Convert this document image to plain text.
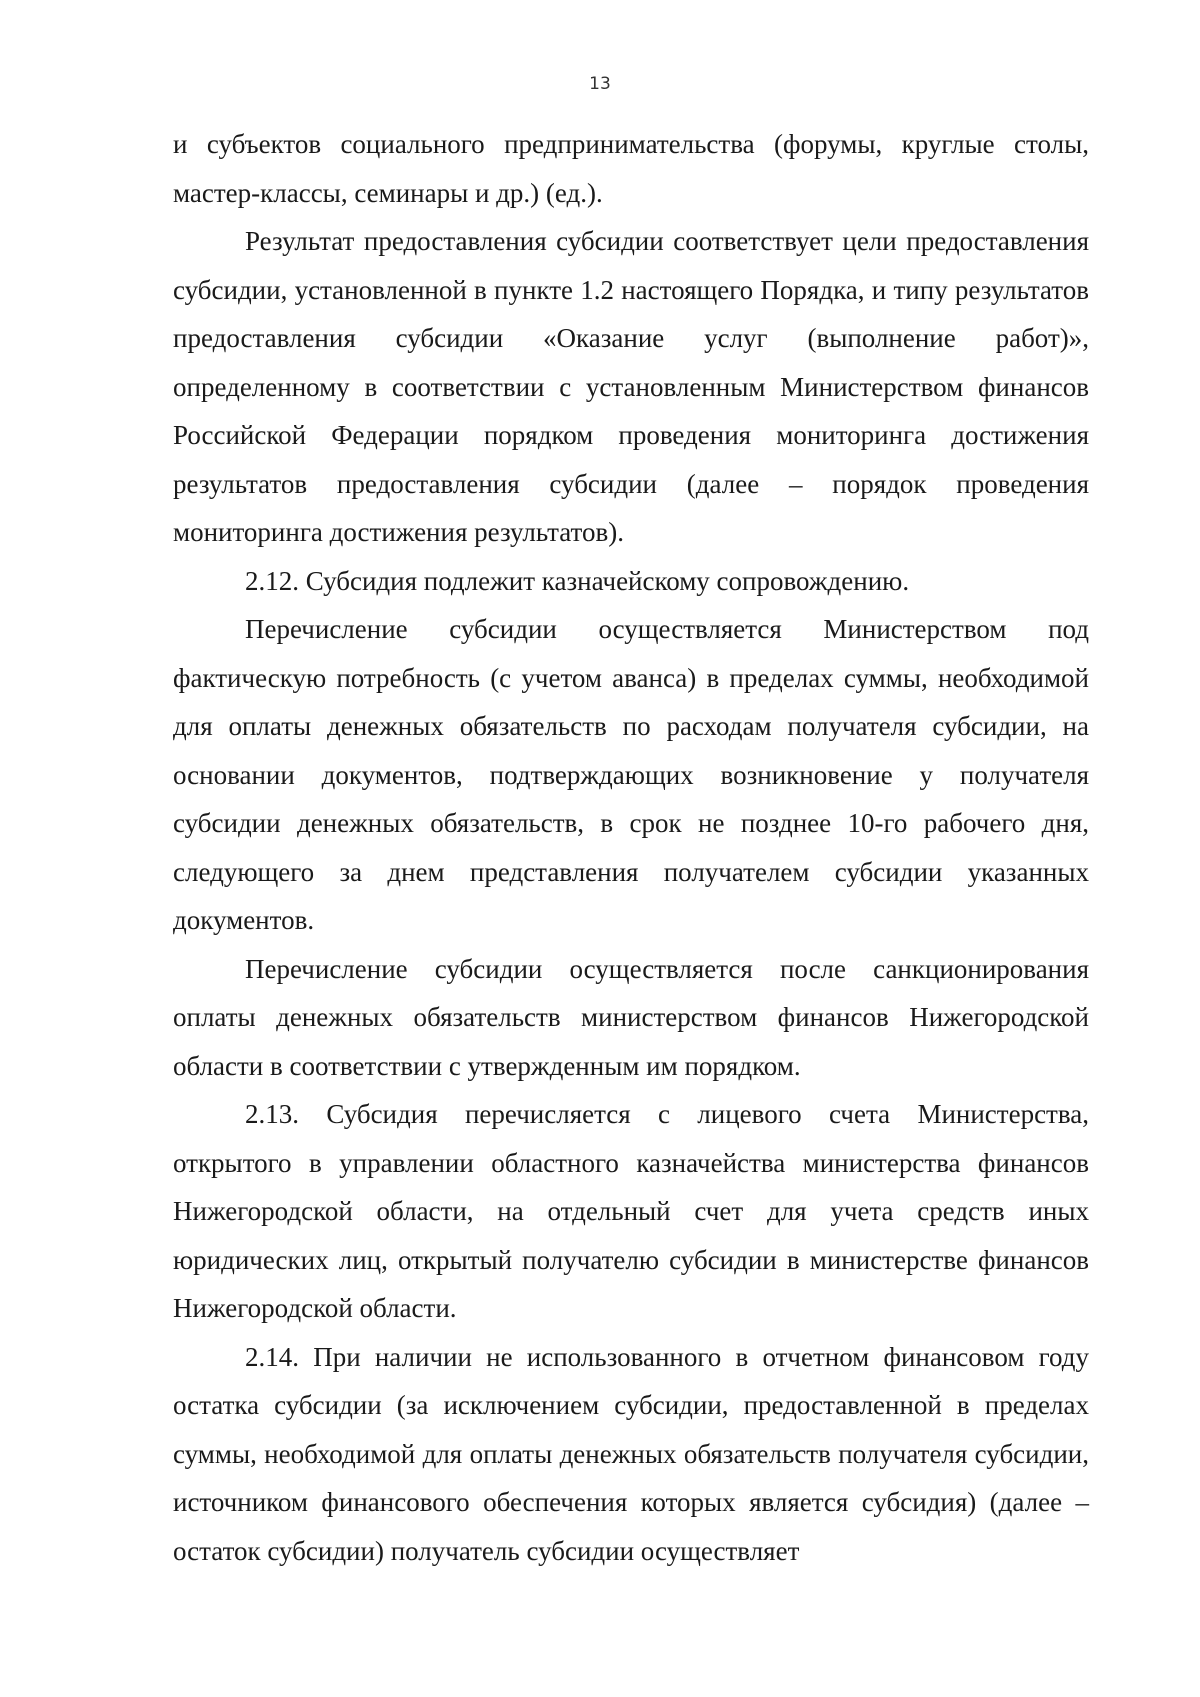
13

и субъектов социального предпринимательства (форумы, круглые столы, мастер-классы, семинары и др.) (ед.).

Результат предоставления субсидии соответствует цели предоставления субсидии, установленной в пункте 1.2 настоящего Порядка, и типу результатов предоставления субсидии «Оказание услуг (выполнение работ)», определенному в соответствии с установленным Министерством финансов Российской Федерации порядком проведения мониторинга достижения результатов предоставления субсидии (далее – порядок проведения мониторинга достижения результатов).

2.12. Субсидия подлежит казначейскому сопровождению.

Перечисление субсидии осуществляется Министерством под фактическую потребность (с учетом аванса) в пределах суммы, необходимой для оплаты денежных обязательств по расходам получателя субсидии, на основании документов, подтверждающих возникновение у получателя субсидии денежных обязательств, в срок не позднее 10-го рабочего дня, следующего за днем представления получателем субсидии указанных документов.

Перечисление субсидии осуществляется после санкционирования оплаты денежных обязательств министерством финансов Нижегородской области в соответствии с утвержденным им порядком.

2.13. Субсидия перечисляется с лицевого счета Министерства, открытого в управлении областного казначейства министерства финансов Нижегородской области, на отдельный счет для учета средств иных юридических лиц, открытый получателю субсидии в министерстве финансов Нижегородской области.

2.14. При наличии не использованного в отчетном финансовом году остатка субсидии (за исключением субсидии, предоставленной в пределах суммы, необходимой для оплаты денежных обязательств получателя субсидии, источником финансового обеспечения которых является субсидия) (далее – остаток субсидии) получатель субсидии осуществляет
